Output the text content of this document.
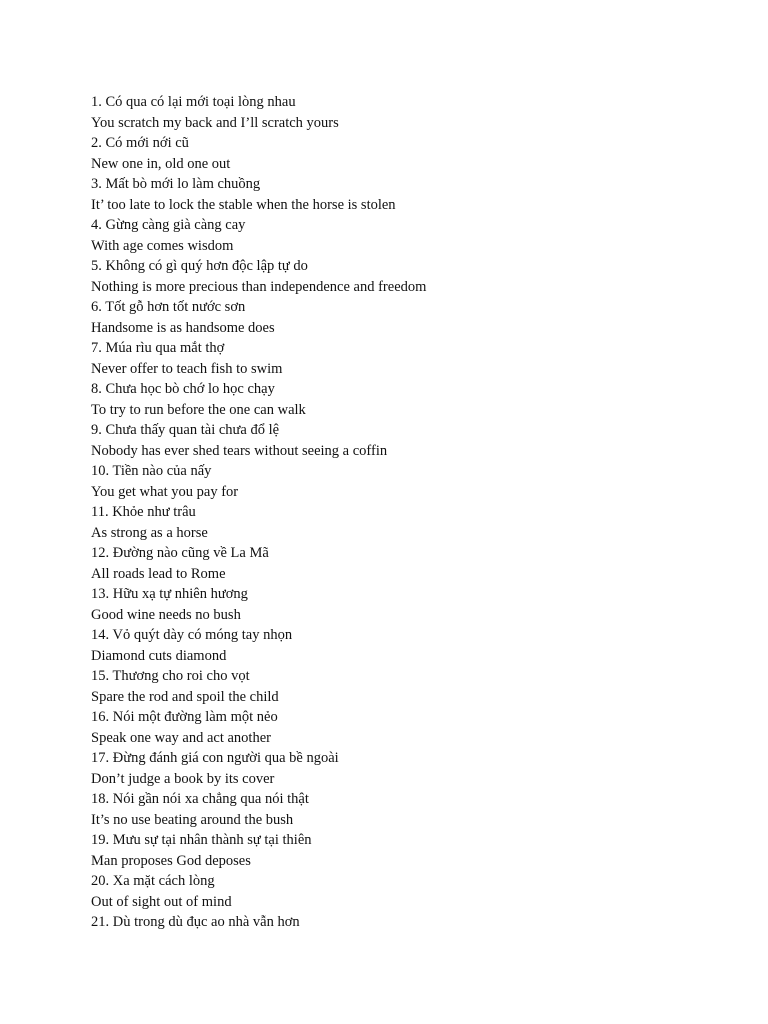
1. Có qua có lại mới toại lòng nhau
You scratch my back and I’ll scratch yours
2. Có mới nới cũ
New one in, old one out
3. Mất bò mới lo làm chuồng
It’ too late to lock the stable when the horse is stolen
4. Gừng càng già càng cay
With age comes wisdom
5. Không có gì quý hơn độc lập tự do
Nothing is more precious than independence and freedom
6. Tốt gỗ hơn tốt nước sơn
Handsome is as handsome does
7. Múa rìu qua mắt thợ
Never offer to teach fish to swim
8. Chưa học bò chớ lo học chạy
To try to run before the one can walk
9. Chưa thấy quan tài chưa đổ lệ
Nobody has ever shed tears without seeing a coffin
10. Tiền nào của nấy
You get what you pay for
11. Khỏe như trâu
As strong as a horse
12. Đường nào cũng về La Mã
All roads lead to Rome
13. Hữu xạ tự nhiên hương
Good wine needs no bush
14. Vỏ quýt dày có móng tay nhọn
Diamond cuts diamond
15. Thương cho roi cho vọt
Spare the rod and spoil the child
16. Nói một đường làm một nẻo
Speak one way and act another
17. Đừng đánh giá con người qua bề ngoài
Don’t judge a book by its cover
18. Nói gần nói xa chẳng qua nói thật
It’s no use beating around the bush
19. Mưu sự tại nhân thành sự tại thiên
Man proposes God deposes
20. Xa mặt cách lòng
Out of sight out of mind
21. Dù trong dù đục ao nhà vẫn hơn
